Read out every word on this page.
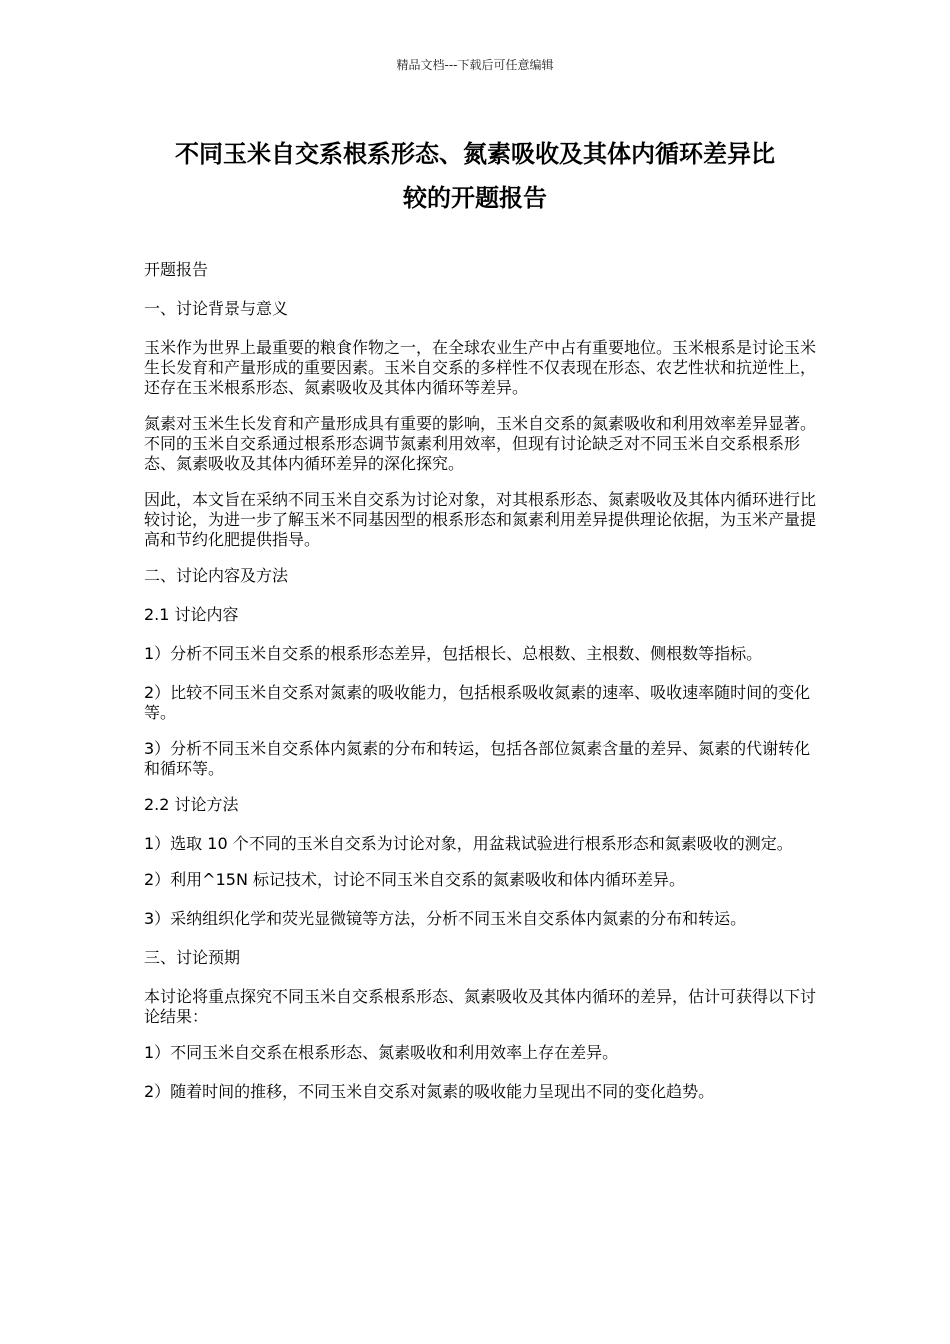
精品文档---下载后可任意编辑
不同玉米自交系根系形态、氮素吸收及其体内循环差异比
较的开题报告

开题报告

一、讨论背景与意义

玉米作为世界上最重要的粮食作物之一，在全球农业生产中占有重要地位。玉米根系是讨论玉米生长发育和产量形成的重要因素。玉米自交系的多样性不仅表现在形态、农艺性状和抗逆性上，还存在玉米根系形态、氮素吸收及其体内循环等差异。

氮素对玉米生长发育和产量形成具有重要的影响，玉米自交系的氮素吸收和利用效率差异显著。不同的玉米自交系通过根系形态调节氮素利用效率，但现有讨论缺乏对不同玉米自交系根系形态、氮素吸收及其体内循环差异的深化探究。

因此，本文旨在采纳不同玉米自交系为讨论对象，对其根系形态、氮素吸收及其体内循环进行比较讨论，为进一步了解玉米不同基因型的根系形态和氮素利用差异提供理论依据，为玉米产量提高和节约化肥提供指导。

二、讨论内容及方法

2.1 讨论内容

1）分析不同玉米自交系的根系形态差异，包括根长、总根数、主根数、侧根数等指标。

2）比较不同玉米自交系对氮素的吸收能力，包括根系吸收氮素的速率、吸收速率随时间的变化等。

3）分析不同玉米自交系体内氮素的分布和转运，包括各部位氮素含量的差异、氮素的代谢转化和循环等。

2.2 讨论方法

1）选取 10 个不同的玉米自交系为讨论对象，用盆栽试验进行根系形态和氮素吸收的测定。

2）利用^15N 标记技术，讨论不同玉米自交系的氮素吸收和体内循环差异。

3）采纳组织化学和荧光显微镜等方法，分析不同玉米自交系体内氮素的分布和转运。

三、讨论预期

本讨论将重点探究不同玉米自交系根系形态、氮素吸收及其体内循环的差异，估计可获得以下讨论结果：

1）不同玉米自交系在根系形态、氮素吸收和利用效率上存在差异。

2）随着时间的推移，不同玉米自交系对氮素的吸收能力呈现出不同的变化趋势。
